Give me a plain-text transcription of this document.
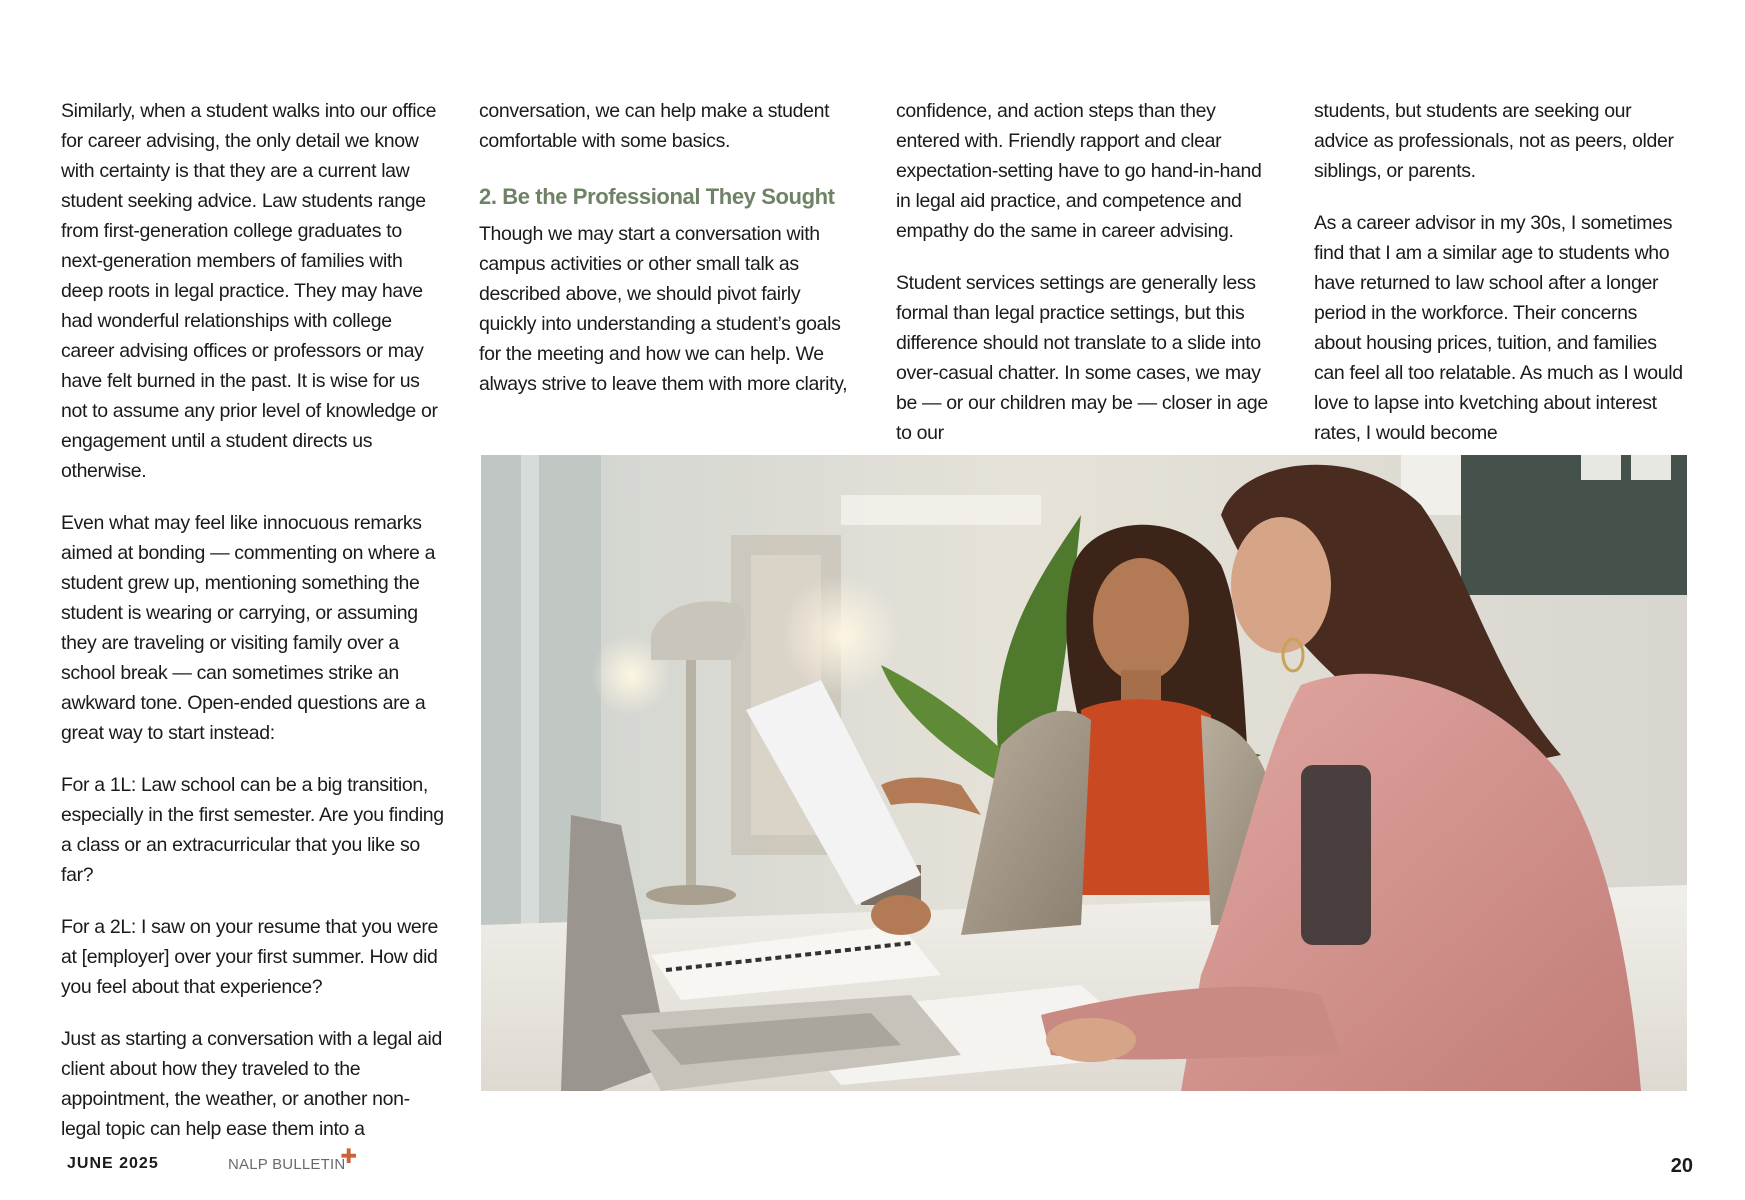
Similarly, when a student walks into our office for career advising, the only detail we know with certainty is that they are a current law student seeking advice. Law students range from first-generation college graduates to next-generation members of families with deep roots in legal practice. They may have had wonderful relationships with college career advising offices or professors or may have felt burned in the past. It is wise for us not to assume any prior level of knowledge or engagement until a student directs us otherwise.

Even what may feel like innocuous remarks aimed at bonding — commenting on where a student grew up, mentioning something the student is wearing or carrying, or assuming they are traveling or visiting family over a school break — can sometimes strike an awkward tone. Open-ended questions are a great way to start instead:

For a 1L: Law school can be a big transition, especially in the first semester. Are you finding a class or an extracurricular that you like so far?

For a 2L: I saw on your resume that you were at [employer] over your first summer. How did you feel about that experience?

Just as starting a conversation with a legal aid client about how they traveled to the appointment, the weather, or another non-legal topic can help ease them into a

conversation, we can help make a student comfortable with some basics.

2. Be the Professional They Sought

Though we may start a conversation with campus activities or other small talk as described above, we should pivot fairly quickly into understanding a student’s goals for the meeting and how we can help. We always strive to leave them with more clarity,

confidence, and action steps than they entered with. Friendly rapport and clear expectation-setting have to go hand-in-hand in legal aid practice, and competence and empathy do the same in career advising.

Student services settings are generally less formal than legal practice settings, but this difference should not translate to a slide into over-casual chatter. In some cases, we may be — or our children may be — closer in age to our

students, but students are seeking our advice as professionals, not as peers, older siblings, or parents.

As a career advisor in my 30s, I sometimes find that I am a similar age to students who have returned to law school after a longer period in the workforce. Their concerns about housing prices, tuition, and families can feel all too relatable. As much as I would love to lapse into kvetching about interest rates, I would become

JUNE 2025	NALP BULLETIN
✚	20
